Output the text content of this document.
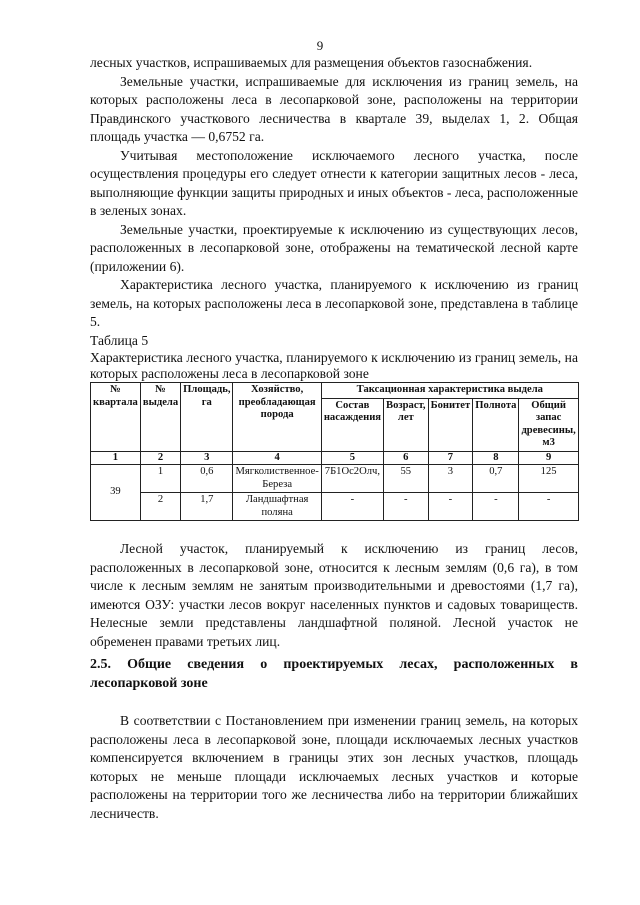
9

лесных участков, испрашиваемых для размещения объектов газоснабжения.

Земельные участки, испрашиваемые для исключения из границ земель, на которых расположены леса в лесопарковой зоне, расположены на территории Правдинского участкового лесничества в квартале 39, выделах 1, 2. Общая площадь участка — 0,6752 га.

Учитывая местоположение исключаемого лесного участка, после осуществления процедуры его следует отнести к категории защитных лесов - леса, выполняющие функции защиты природных и иных объектов - леса, расположенные в зеленых зонах.

Земельные участки, проектируемые к исключению из существующих лесов, расположенных в лесопарковой зоне, отображены на тематической лесной карте (приложении 6).

Характеристика лесного участка, планируемого к исключению из границ земель, на которых расположены леса в лесопарковой зоне, представлена в таблице 5.

Таблица 5

Характеристика лесного участка, планируемого к исключению из границ земель, на которых расположены леса в лесопарковой зоне

№ квартала	№ выдела	Площадь, га	Хозяйство, преобладающая порода	Таксационная характеристика выдела				
				Состав насаждения	Возраст, лет	Бонитет	Полнота	Общий запас древесины, м3
1	2	3	4	5	6	7	8	9
39	1	0,6	Мягколиственное- Береза	7Б1Ос2Олч,	55	3	0,7	125
	2	1,7	Ландшафтная поляна	-	-	-	-	-

Лесной участок, планируемый к исключению из границ лесов, расположенных в лесопарковой зоне, относится к лесным землям (0,6 га), в том числе к лесным землям не занятым производительными и древостоями (1,7 га), имеются ОЗУ: участки лесов вокруг населенных пунктов и садовых товариществ. Нелесные земли представлены ландшафтной поляной. Лесной участок не обременен правами третьих лиц.

2.5. Общие сведения о проектируемых лесах, расположенных в лесопарковой зоне

В соответствии с Постановлением при изменении границ земель, на которых расположены леса в лесопарковой зоне, площади исключаемых лесных участков компенсируется включением в границы этих зон лесных участков, площадь которых не меньше площади исключаемых лесных участков и которые расположены на территории того же лесничества либо на территории ближайших лесничеств.
